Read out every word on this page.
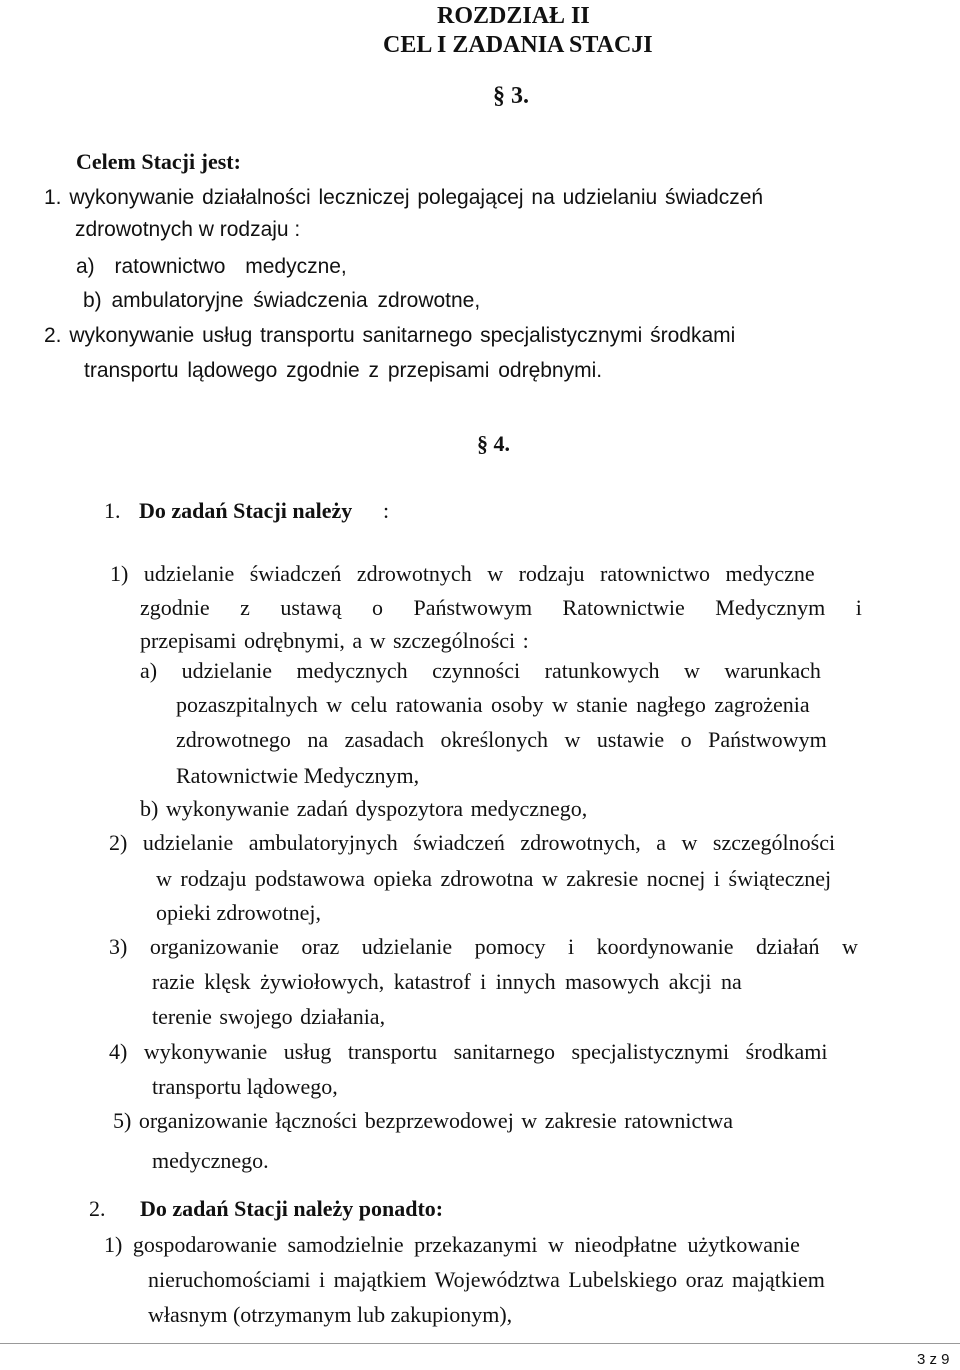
ROZDZIAŁ II
CEL I ZADANIA STACJI
§ 3.
Celem Stacji jest:
1. wykonywanie działalności leczniczej polegającej na udzielaniu świadczeń
zdrowotnych w rodzaju :
a) ratownictwo medyczne,
b) ambulatoryjne świadczenia zdrowotne,
2. wykonywanie usług transportu sanitarnego specjalistycznymi środkami
transportu lądowego zgodnie z przepisami odrębnymi.
§ 4.
1. Do zadań Stacji należy :
1) udzielanie świadczeń zdrowotnych w rodzaju ratownictwo medyczne
zgodnie z ustawą o Państwowym Ratownictwie Medycznym i
przepisami odrębnymi, a w szczególności :
a) udzielanie medycznych czynności ratunkowych w warunkach
pozaszpitalnych w celu ratowania osoby w stanie nagłego zagrożenia
zdrowotnego na zasadach określonych w ustawie o Państwowym
Ratownictwie Medycznym,
b) wykonywanie zadań dyspozytora medycznego,
2) udzielanie ambulatoryjnych świadczeń zdrowotnych, a w szczególności
w rodzaju podstawowa opieka zdrowotna w zakresie nocnej i świątecznej
opieki zdrowotnej,
3) organizowanie oraz udzielanie pomocy i koordynowanie działań w
razie klęsk żywiołowych, katastrof i innych masowych akcji na
terenie swojego działania,
4) wykonywanie usług transportu sanitarnego specjalistycznymi środkami
transportu lądowego,
5) organizowanie łączności bezprzewodowej w zakresie ratownictwa
medycznego.
2. Do zadań Stacji należy ponadto:
1) gospodarowanie samodzielnie przekazanymi w nieodpłatne użytkowanie
nieruchomościami i majątkiem Województwa Lubelskiego oraz majątkiem
własnym (otrzymanym lub zakupionym),
3 z 9
